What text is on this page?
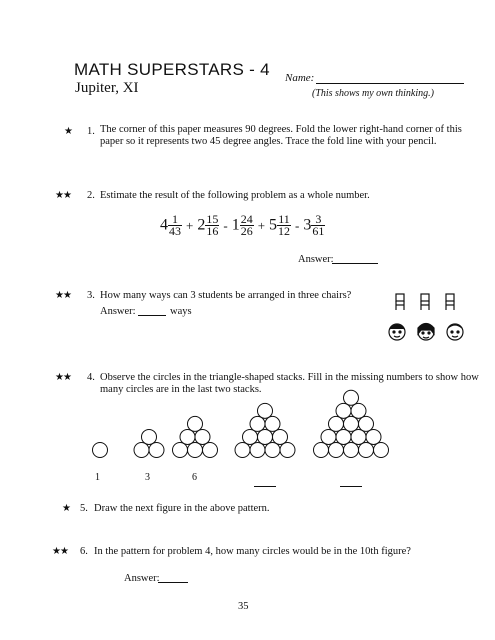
MATH SUPERSTARS - 4
Jupiter, XI
Name:
(This shows my own thinking.)
★ 1. The corner of this paper measures 90 degrees. Fold the lower right-hand corner of this
paper so it represents two 45 degree angles. Trace the fold line with your pencil.
★★ 2. Estimate the result of the following problem as a whole number.
$4 \frac{1}{43} + 2 \frac{15}{16} - 1 \frac{24}{26} + 5 \frac{11}{12} - 3 \frac{3}{61}$
Answer:
★★ 3. How many ways can 3 students be arranged in three chairs?
Answer:	ways
★★ 4. Observe the circles in the triangle-shaped stacks. Fill in the missing numbers to show how
many circles are in the last two stacks.
1	3	6
★ 5. Draw the next figure in the above pattern.
★★ 6. In the pattern for problem 4, how many circles would be in the 10th figure?
Answer:
35
